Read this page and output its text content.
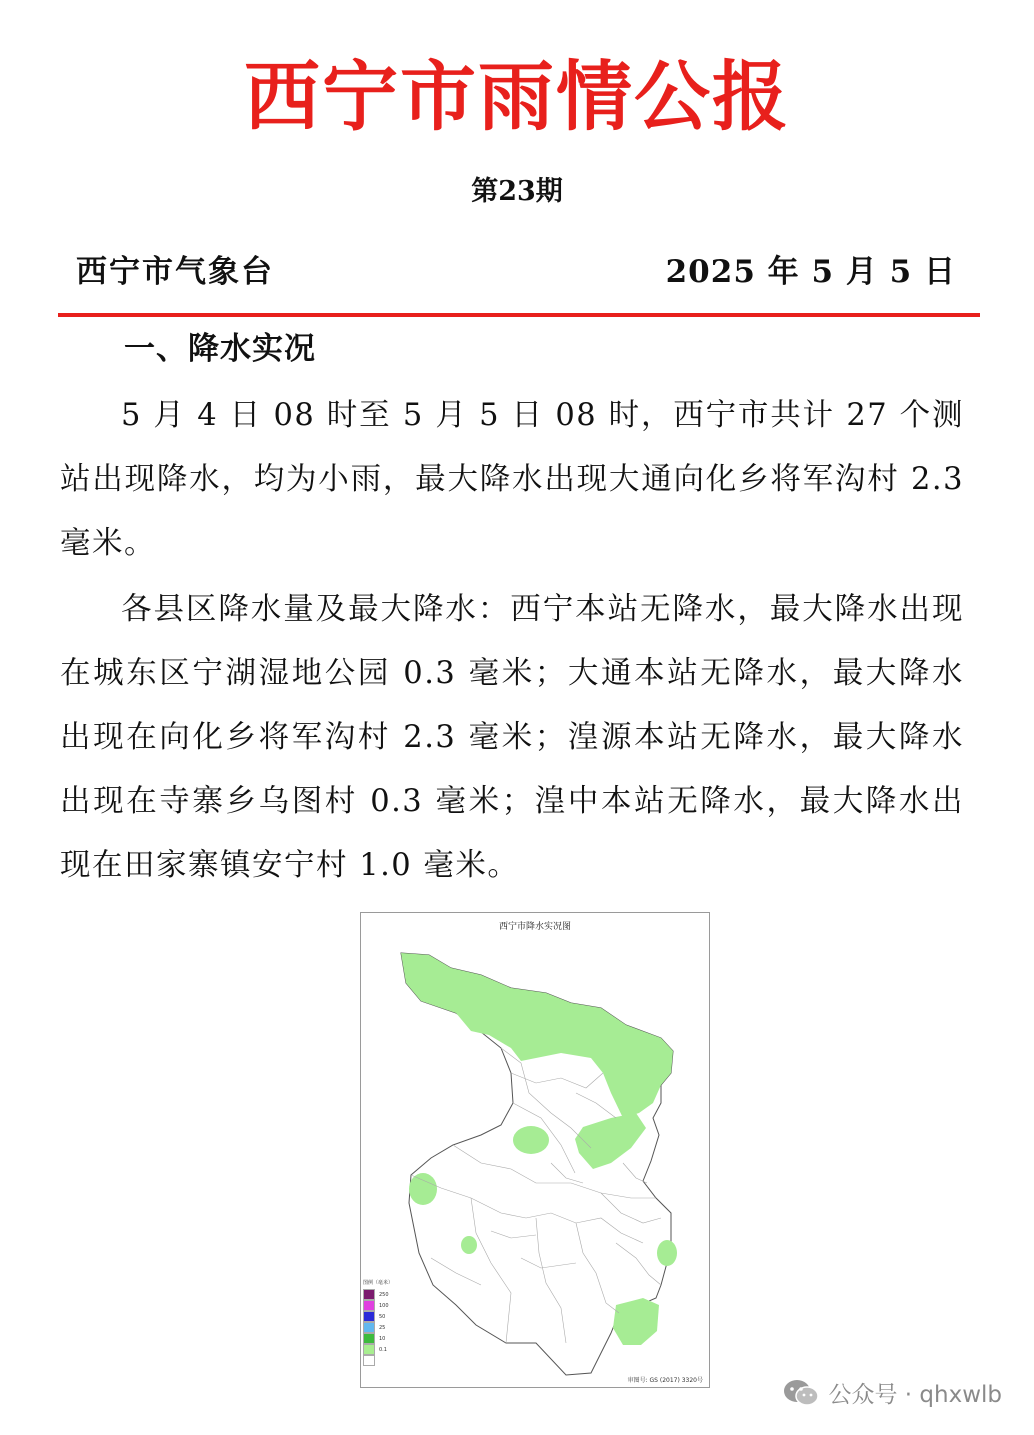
西宁市雨情公报
第23期
西宁市气象台	2025 年 5 月 5 日
一、降水实况
5 月 4 日 08 时至 5 月 5 日 08 时，西宁市共计 27 个测站出现降水，均为小雨，最大降水出现大通向化乡将军沟村 2.3 毫米。
各县区降水量及最大降水：西宁本站无降水，最大降水出现在城东区宁湖湿地公园 0.3 毫米；大通本站无降水，最大降水出现在向化乡将军沟村 2.3 毫米；湟源本站无降水，最大降水出现在寺寨乡乌图村 0.3 毫米；湟中本站无降水，最大降水出现在田家寨镇安宁村 1.0 毫米。
西宁市降水实况图
图例（毫米）
250
100
50
25
10
0.1
审图号: GS (2017) 3320号
公众号 · qhxwlb
